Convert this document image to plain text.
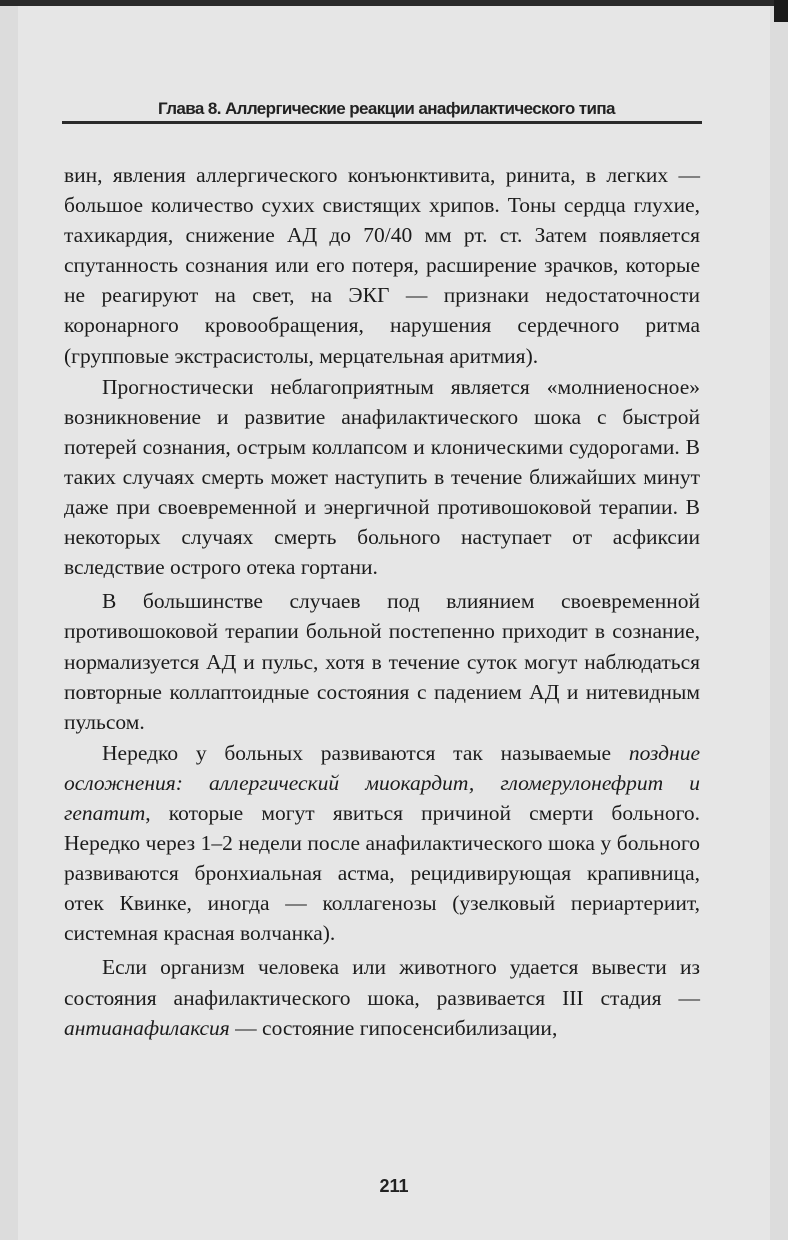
Глава 8. Аллергические реакции анафилактического типа

вин, явления аллергического конъюнктивита, ринита, в легких — большое количество сухих свистящих хрипов. Тоны сердца глухие, тахикардия, снижение АД до 70/40 мм рт. ст. Затем появляется спутанность сознания или его потеря, расширение зрачков, которые не реагируют на свет, на ЭКГ — признаки недостаточности коронарного кровообращения, нарушения сердечного ритма (групповые экстрасистолы, мерцательная аритмия).

Прогностически неблагоприятным является «молниеносное» возникновение и развитие анафилактического шока с быстрой потерей сознания, острым коллапсом и клоническими судорогами. В таких случаях смерть может наступить в течение ближайших минут даже при своевременной и энергичной противошоковой терапии. В некоторых случаях смерть больного наступает от асфиксии вследствие острого отека гортани.

В большинстве случаев под влиянием своевременной противошоковой терапии больной постепенно приходит в сознание, нормализуется АД и пульс, хотя в течение суток могут наблюдаться повторные коллаптоидные состояния с падением АД и нитевидным пульсом.

Нередко у больных развиваются так называемые поздние осложнения: аллергический миокардит, гломерулонефрит и гепатит, которые могут явиться причиной смерти больного. Нередко через 1–2 недели после анафилактического шока у больного развиваются бронхиальная астма, рецидивирующая крапивница, отек Квинке, иногда — коллагенозы (узелковый периартериит, системная красная волчанка).

Если организм человека или животного удается вывести из состояния анафилактического шока, развивается III стадия — антианафилаксия — состояние гипосенсибилизации,

211
